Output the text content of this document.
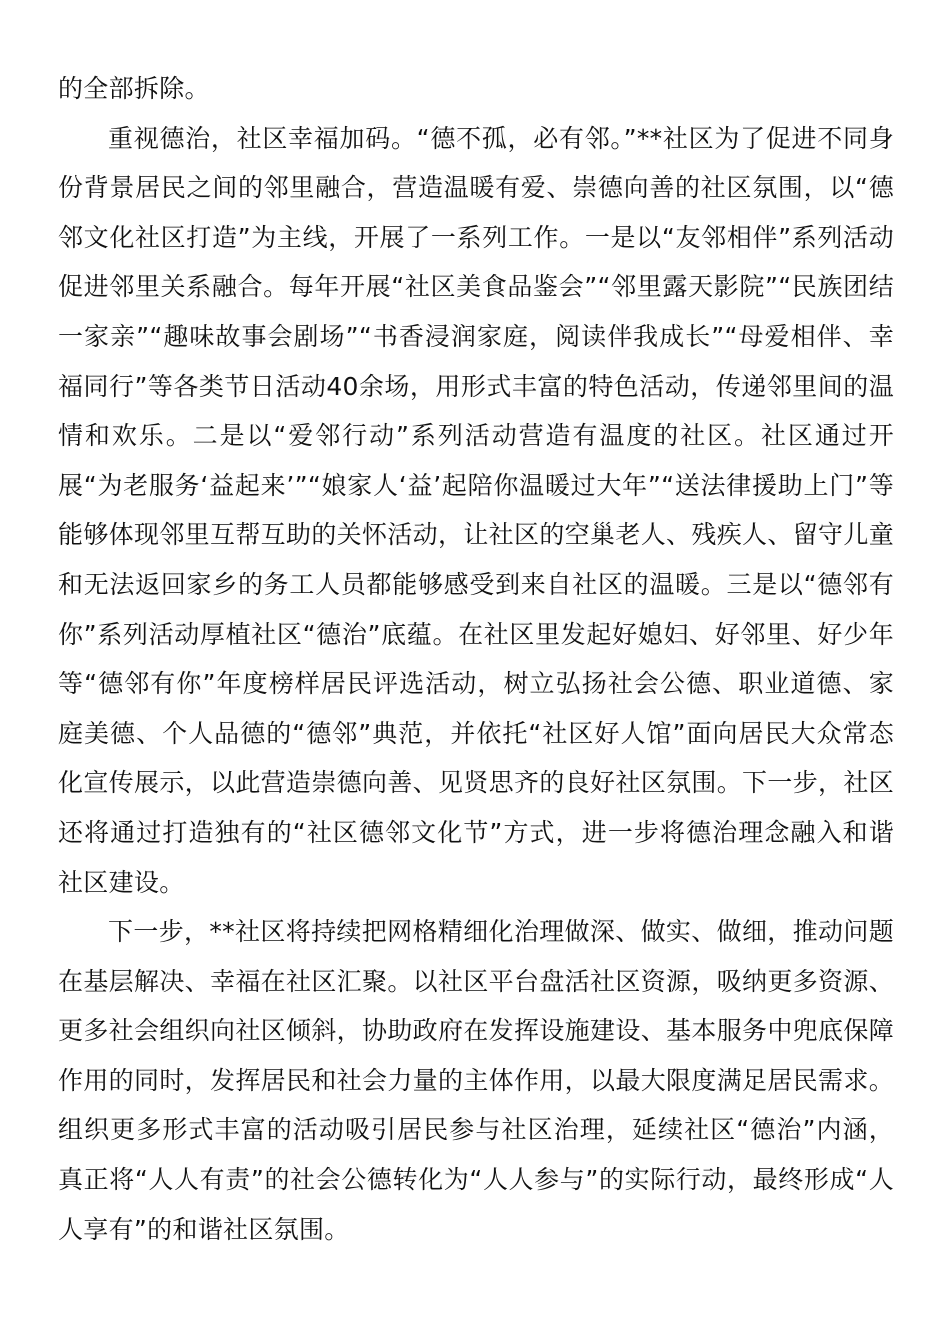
的全部拆除。

重视德治，社区幸福加码。“德不孤，必有邻。”**社区为了促进不同身份背景居民之间的邻里融合，营造温暖有爱、崇德向善的社区氛围，以“德邻文化社区打造”为主线，开展了一系列工作。一是以“友邻相伴”系列活动促进邻里关系融合。每年开展“社区美食品鉴会”“邻里露天影院”“民族团结一家亲”“趣味故事会剧场”“书香浸润家庭，阅读伴我成长”“母爱相伴、幸福同行”等各类节日活动40余场，用形式丰富的特色活动，传递邻里间的温情和欢乐。二是以“爱邻行动”系列活动营造有温度的社区。社区通过开展“为老服务‘益起来’”“娘家人‘益’起陪你温暖过大年”“送法律援助上门”等能够体现邻里互帮互助的关怀活动，让社区的空巢老人、残疾人、留守儿童和无法返回家乡的务工人员都能够感受到来自社区的温暖。三是以“德邻有你”系列活动厚植社区“德治”底蕴。在社区里发起好媳妇、好邻里、好少年等“德邻有你”年度榜样居民评选活动，树立弘扬社会公德、职业道德、家庭美德、个人品德的“德邻”典范，并依托“社区好人馆”面向居民大众常态化宣传展示，以此营造崇德向善、见贤思齐的良好社区氛围。下一步，社区还将通过打造独有的“社区德邻文化节”方式，进一步将德治理念融入和谐社区建设。

下一步，**社区将持续把网格精细化治理做深、做实、做细，推动问题在基层解决、幸福在社区汇聚。以社区平台盘活社区资源，吸纳更多资源、更多社会组织向社区倾斜，协助政府在发挥设施建设、基本服务中兜底保障作用的同时，发挥居民和社会力量的主体作用，以最大限度满足居民需求。组织更多形式丰富的活动吸引居民参与社区治理，延续社区“德治”内涵，真正将“人人有责”的社会公德转化为“人人参与”的实际行动，最终形成“人人享有”的和谐社区氛围。
